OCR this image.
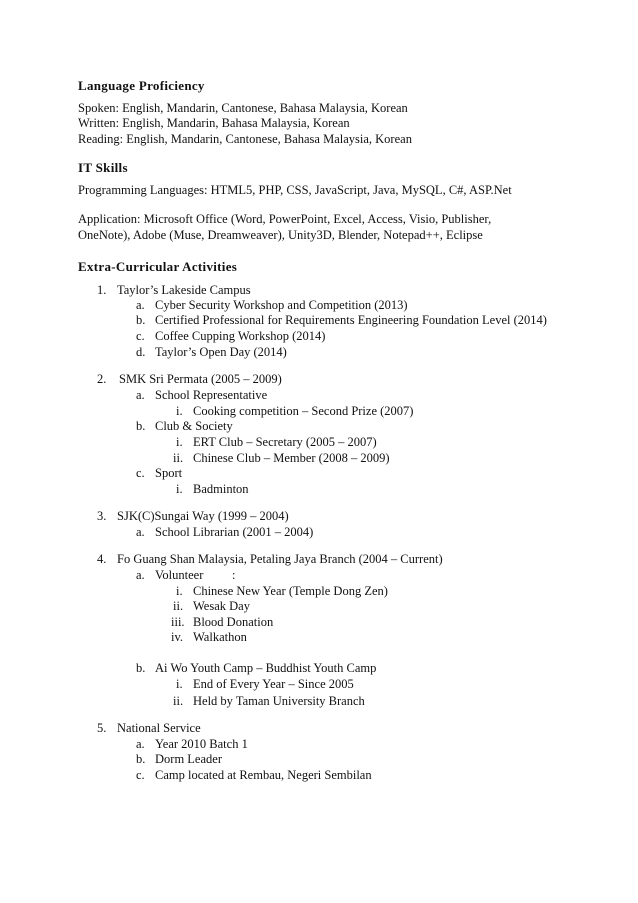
Language Proficiency
Spoken: English, Mandarin, Cantonese, Bahasa Malaysia, Korean
Written: English, Mandarin, Bahasa Malaysia, Korean
Reading: English, Mandarin, Cantonese, Bahasa Malaysia, Korean
IT Skills
Programming Languages: HTML5, PHP, CSS, JavaScript, Java, MySQL, C#, ASP.Net
Application: Microsoft Office (Word, PowerPoint, Excel, Access, Visio, Publisher,
OneNote), Adobe (Muse, Dreamweaver), Unity3D, Blender, Notepad++, Eclipse
Extra-Curricular Activities
1. Taylor’s Lakeside Campus
a. Cyber Security Workshop and Competition (2013)
b. Certified Professional for Requirements Engineering Foundation Level (2014)
c. Coffee Cupping Workshop (2014)
d. Taylor’s Open Day (2014)
2. SMK Sri Permata (2005 – 2009)
a. School Representative
i. Cooking competition – Second Prize (2007)
b. Club & Society
i. ERT Club – Secretary (2005 – 2007)
ii. Chinese Club – Member (2008 – 2009)
c. Sport
i. Badminton
3. SJK(C)Sungai Way (1999 – 2004)
a. School Librarian (2001 – 2004)
4. Fo Guang Shan Malaysia, Petaling Jaya Branch (2004 – Current)
a. Volunteer :
i. Chinese New Year (Temple Dong Zen)
ii. Wesak Day
iii. Blood Donation
iv. Walkathon
b. Ai Wo Youth Camp – Buddhist Youth Camp
i. End of Every Year – Since 2005
ii. Held by Taman University Branch
5. National Service
a. Year 2010 Batch 1
b. Dorm Leader
c. Camp located at Rembau, Negeri Sembilan
